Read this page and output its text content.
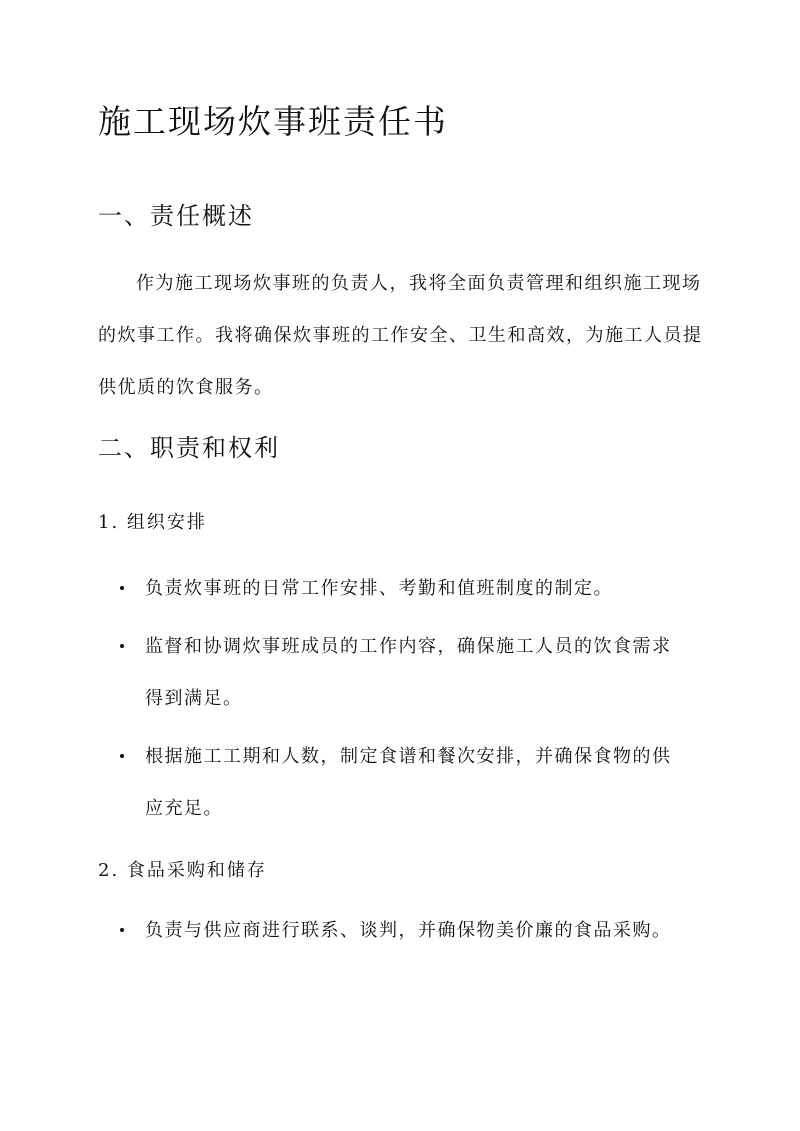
施工现场炊事班责任书
一、责任概述

作为施工现场炊事班的负责人，我将全面负责管理和组织施工现场的炊事工作。我将确保炊事班的工作安全、卫生和高效，为施工人员提供优质的饮食服务。

二、职责和权利
1. 组织安排

负责炊事班的日常工作安排、考勤和值班制度的制定。

监督和协调炊事班成员的工作内容，确保施工人员的饮食需求得到满足。

根据施工工期和人数，制定食谱和餐次安排，并确保食物的供应充足。

2. 食品采购和储存

负责与供应商进行联系、谈判，并确保物美价廉的食品采购。
